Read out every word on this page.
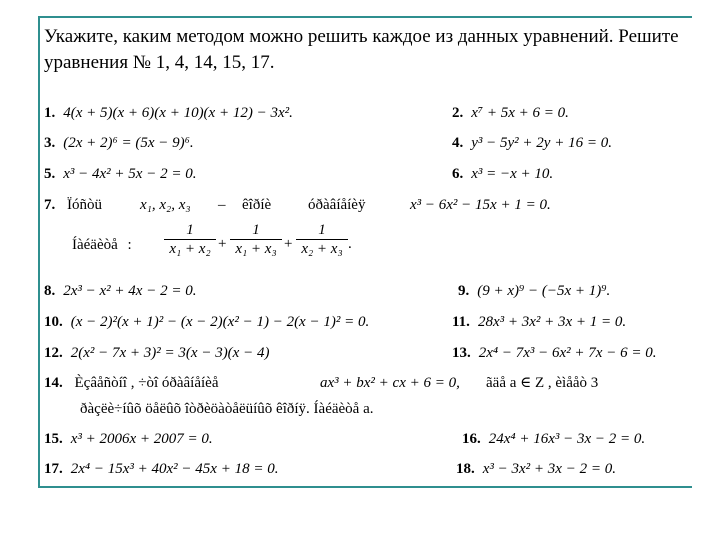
Укажите, каким методом можно решить каждое из данных уравнений. Решите уравнения № 1, 4, 14, 15, 17.
1. 4(x + 5)(x + 6)(x + 10)(x + 12) − 3x².	2. x⁷ + 5x + 6 = 0.
3. (2x + 2)⁶ = (5x − 9)⁶.	4. y³ − 5y² + 2y + 16 = 0.
5. x³ − 4x² + 5x − 2 = 0.	6. x³ = −x + 10.
7. Ïóñòü	x₁, x₂, x₃ – êîðíè óðàâíåíèÿ	x³ − 6x² − 15x + 1 = 0.
Íàéäèòå : $\frac{1}{\text{x₁ + x₂}} + \frac{1}{\text{x₁ + x₃}} + \frac{1}{\text{x₂ + x₃}}$ .
8. 2x³ − x² + 4x − 2 = 0.	9. (9 + x)⁹ − (−5x + 1)⁹.
10. (x − 2)²(x + 1)² − (x − 2)(x² − 1) − 2(x − 1)² = 0.	11. 28x³ + 3x² + 3x + 1 = 0.
12. 2(x² − 7x + 3)² = 3(x − 3)(x − 4)	13. 2x⁴ − 7x³ − 6x² + 7x − 6 = 0.
14. Èçâåñòíî , ÷òî óðàâíåíèå	ax³ + bx² + cx + 6 = 0, ãäå a ∈ Z , èìååò 3
ðàçëè÷íûõ öåëûõ îòðèöàòåëüíûõ êîðíÿ. Íàéäèòå a.
15. x³ + 2006x + 2007 = 0.	16. 24x⁴ + 16x³ − 3x − 2 = 0.
17. 2x⁴ − 15x³ + 40x² − 45x + 18 = 0.	18. x³ − 3x² + 3x − 2 = 0.
